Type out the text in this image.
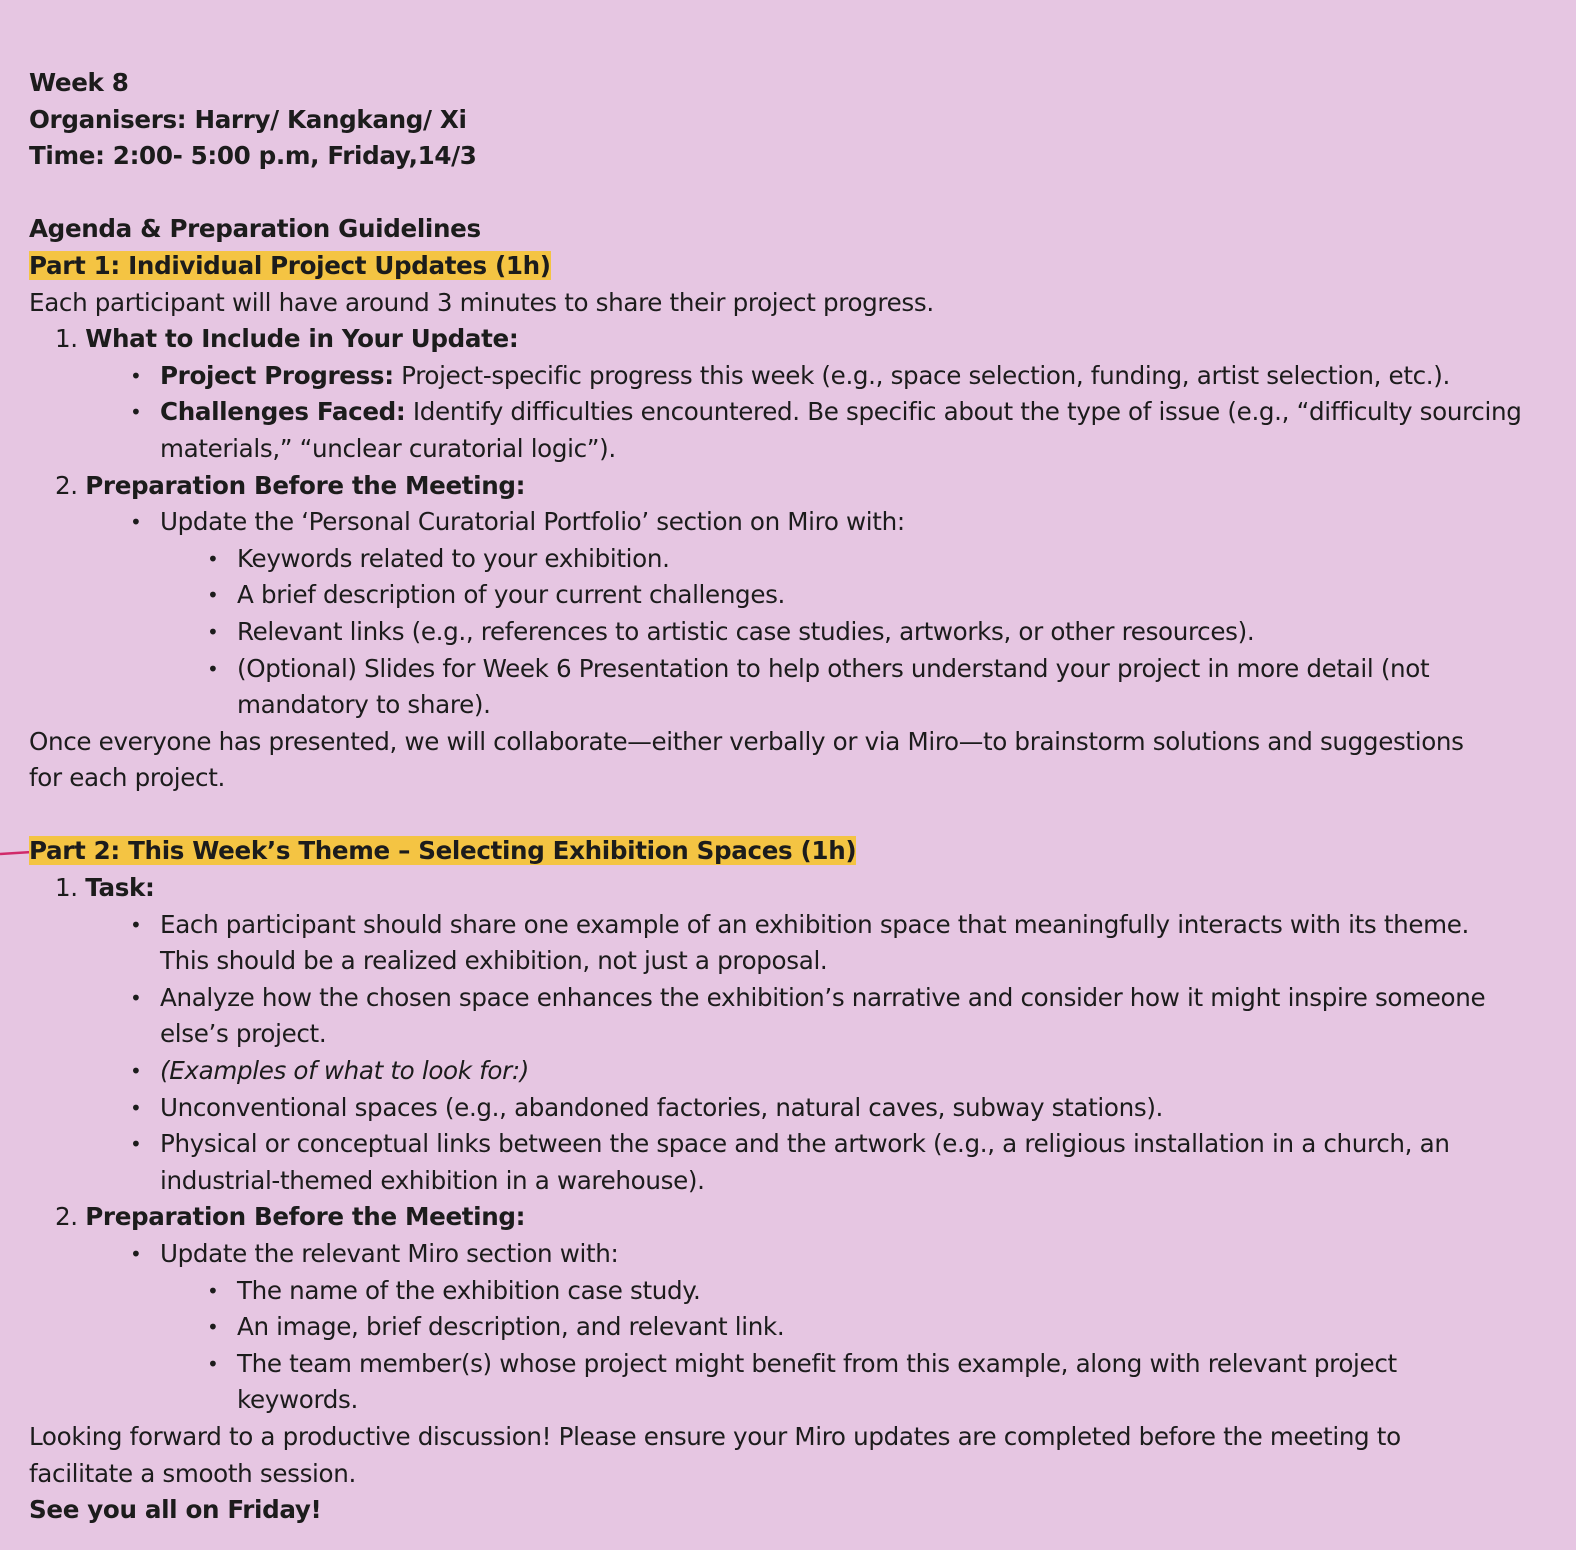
Week 8
Organisers: Harry/ Kangkang/ Xi
Time: 2:00- 5:00 p.m, Friday,14/3
Agenda & Preparation Guidelines
Part 1: Individual Project Updates (1h)
Each participant will have around 3 minutes to share their project progress.
1. What to Include in Your Update:
• Project Progress: Project-specific progress this week (e.g., space selection, funding, artist selection, etc.).
• Challenges Faced: Identify difficulties encountered. Be specific about the type of issue (e.g., “difficulty sourcing
materials,” “unclear curatorial logic”).
2. Preparation Before the Meeting:
• Update the ‘Personal Curatorial Portfolio’ section on Miro with:
• Keywords related to your exhibition.
• A brief description of your current challenges.
• Relevant links (e.g., references to artistic case studies, artworks, or other resources).
• (Optional) Slides for Week 6 Presentation to help others understand your project in more detail (not
mandatory to share).
Once everyone has presented, we will collaborate—either verbally or via Miro—to brainstorm solutions and suggestions
for each project.
Part 2: This Week’s Theme – Selecting Exhibition Spaces (1h)
1. Task:
• Each participant should share one example of an exhibition space that meaningfully interacts with its theme.
This should be a realized exhibition, not just a proposal.
• Analyze how the chosen space enhances the exhibition’s narrative and consider how it might inspire someone
else’s project.
• (Examples of what to look for:)
• Unconventional spaces (e.g., abandoned factories, natural caves, subway stations).
• Physical or conceptual links between the space and the artwork (e.g., a religious installation in a church, an
industrial-themed exhibition in a warehouse).
2. Preparation Before the Meeting:
• Update the relevant Miro section with:
• The name of the exhibition case study.
• An image, brief description, and relevant link.
• The team member(s) whose project might benefit from this example, along with relevant project
keywords.
Looking forward to a productive discussion! Please ensure your Miro updates are completed before the meeting to
facilitate a smooth session.
See you all on Friday!
